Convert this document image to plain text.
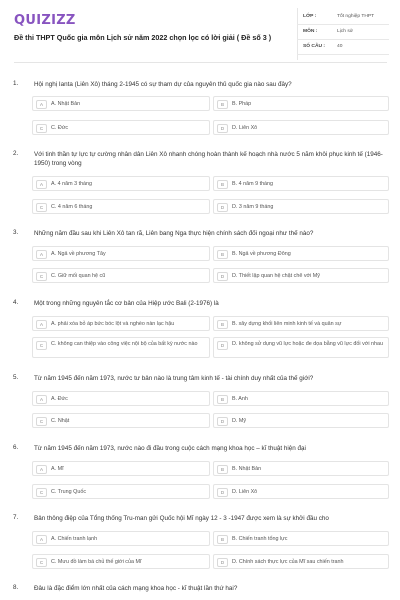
QUIZIZZ
Đề thi THPT Quốc gia môn Lịch sử năm 2022 chọn lọc có lời giải ( Đề số 3 )
LỚP :	Tốt nghiệp THPT
MÔN :	Lịch sử
SỐ CÂU : 40
1. Hội nghị Ianta (Liên Xô) tháng 2-1945 có sự tham dự của nguyên thủ quốc gia nào sau đây?
A	A. Nhật Bản	B	B. Pháp
C	C. Đức	D	D. Liên Xô
2. Với tinh thần tự lực tự cường nhân dân Liên Xô nhanh chóng hoàn thành kế hoạch nhà nước 5 năm khôi phục kinh tế (1946-1950) trong vòng
A	A. 4 năm 3 tháng	B	B. 4 năm 9 tháng
C	C. 4 năm 6 tháng	D	D. 3 năm 9 tháng
3. Những năm đầu sau khi Liên Xô tan rã, Liên bang Nga thực hiện chính sách đối ngoại như thế nào?
A	A. Ngả về phương Tây	B	B. Ngả về phương Đông
C	C. Giữ mối quan hệ cũ	D	D. Thiết lập quan hệ chặt chẽ với Mỹ
4. Một trong những nguyên tắc cơ bản của Hiệp ước Bali (2-1976) là
A	A. phải xóa bỏ áp bức bóc lột và nghèo nàn lạc hậu	B	B. xây dựng khối liên minh kinh tế và quân sự
C	C. không can thiệp vào công việc nội bộ của bất kỳ nước nào	D	D. không sử dụng vũ lực hoặc đe dọa bằng vũ lực đối với nhau
5. Từ năm 1945 đến năm 1973, nước tư bản nào là trung tâm kinh tế - tài chính duy nhất của thế giới?
A	A. Đức	B	B. Anh
C	C. Nhật	D	D. Mỹ
6. Từ năm 1945 đến năm 1973, nước nào đi đầu trong cuộc cách mạng khoa học – kĩ thuật hiện đại
A	A. Mĩ	B	B. Nhật Bản
C	C. Trung Quốc	D	D. Liên Xô
7. Bản thông điệp của Tổng thống Tru-man gửi Quốc hội Mĩ ngày 12 - 3 -1947 được xem là sự khởi đầu cho
A	A. Chiến tranh lạnh	B	B. Chiến tranh tổng lực
C	C. Mưu đồ làm bá chủ thế giới của Mĩ	D	D. Chính sách thực lực của Mĩ sau chiến tranh
8. Đâu là đặc điểm lớn nhất của cách mạng khoa học - kĩ thuật lần thứ hai?
